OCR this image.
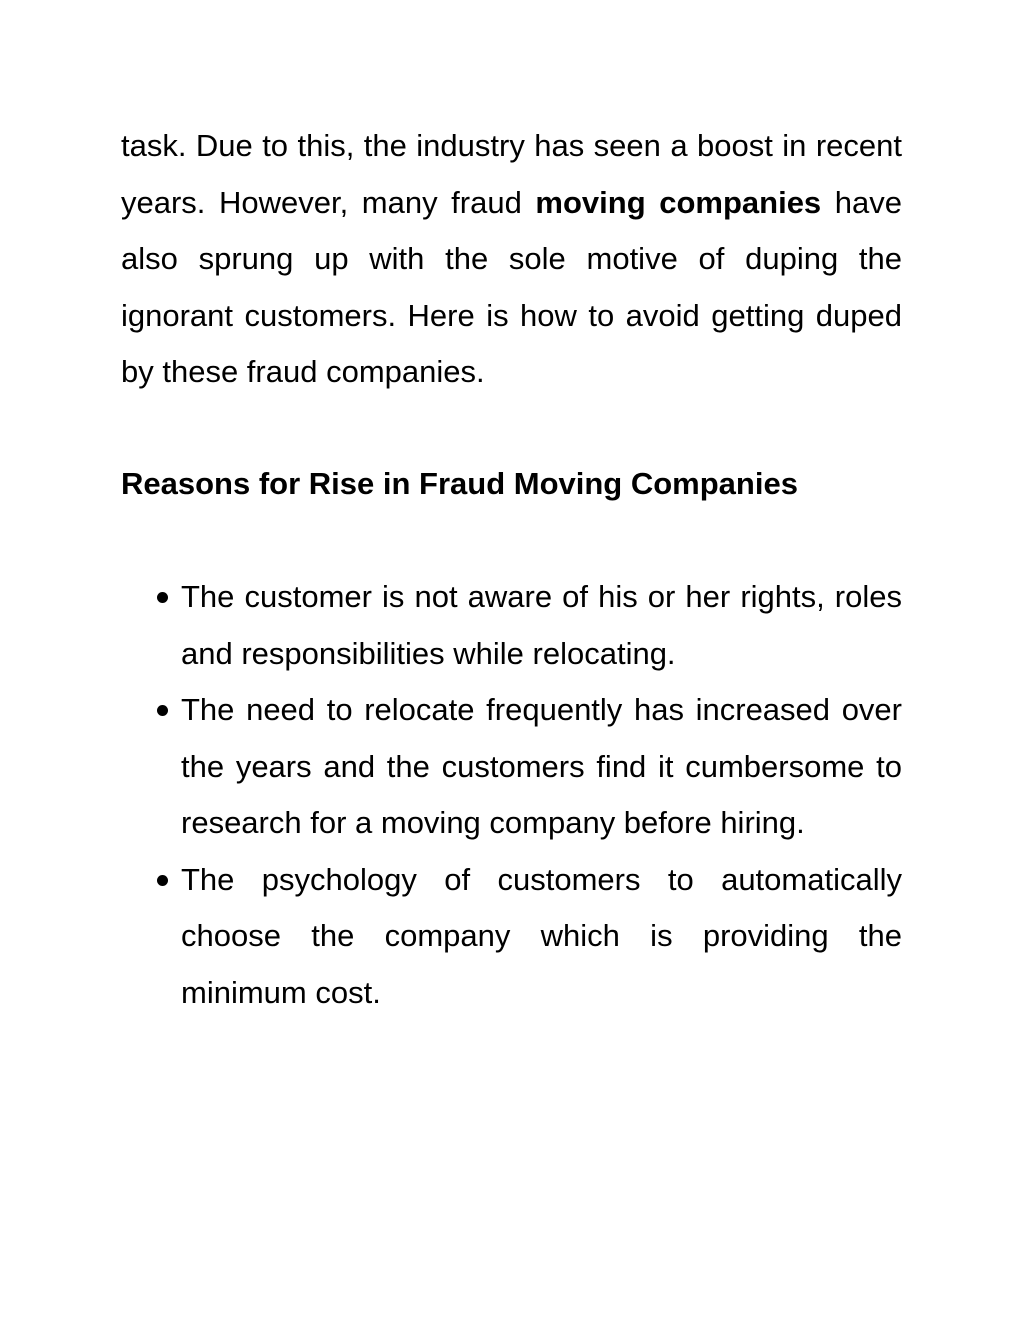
task. Due to this, the industry has seen a boost in recent years. However, many fraud moving companies have also sprung up with the sole motive of duping the ignorant customers. Here is how to avoid getting duped by these fraud companies.

Reasons for Rise in Fraud Moving Companies
The customer is not aware of his or her rights, roles and responsibilities while relocating.
The need to relocate frequently has increased over the years and the customers find it cumbersome to research for a moving company before hiring.
The psychology of customers to automatically choose the company which is providing the minimum cost.
